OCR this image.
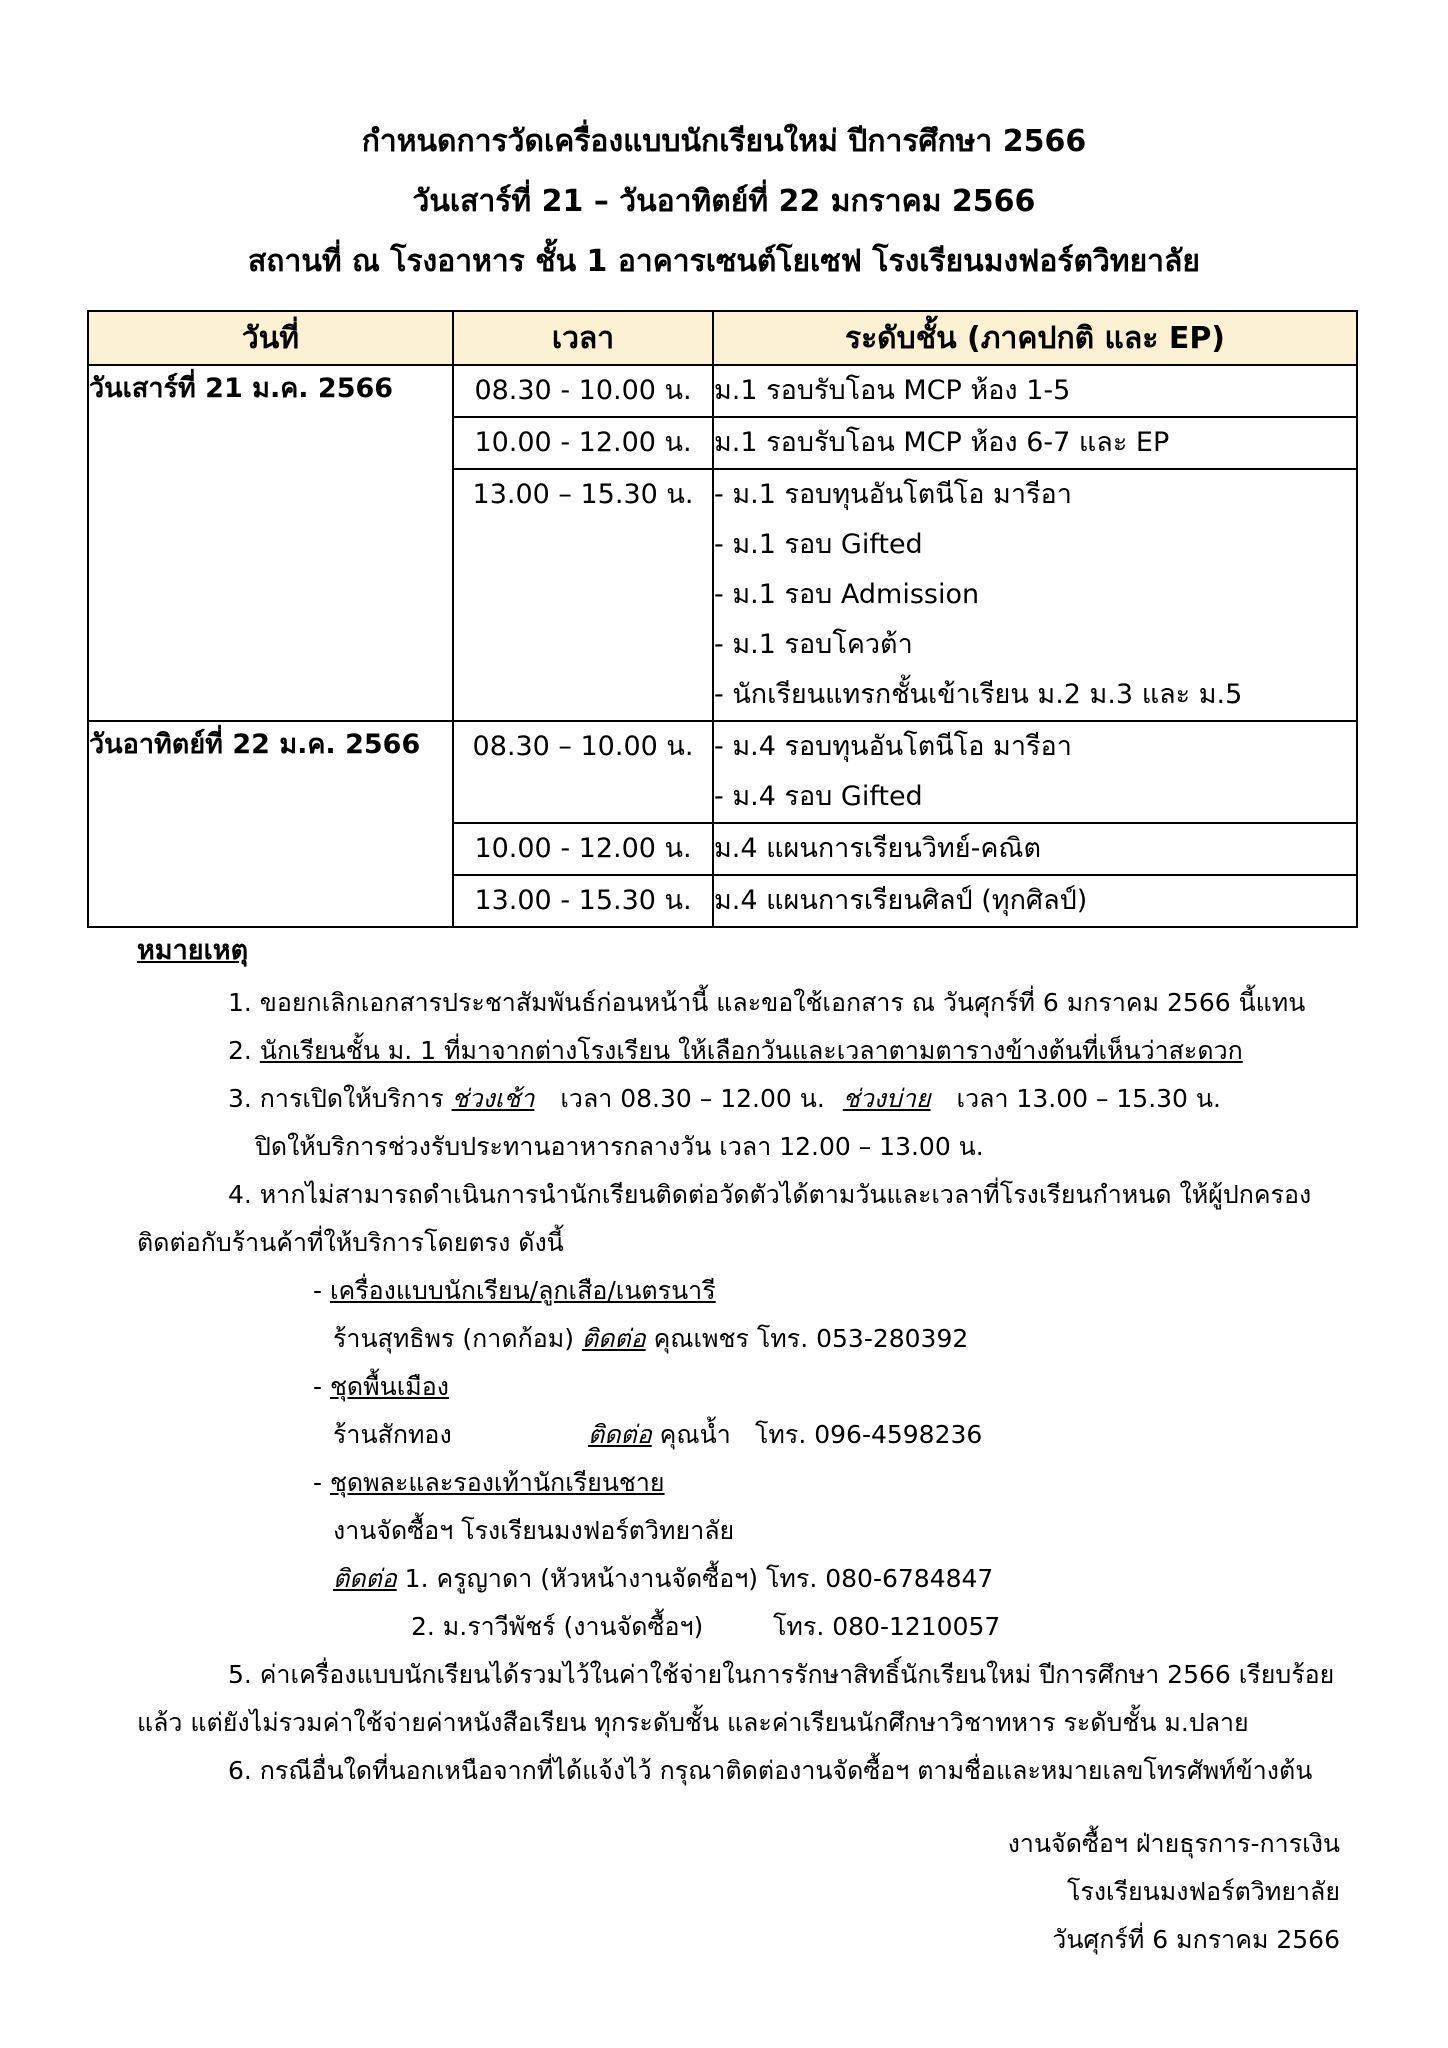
กำหนดการวัดเครื่องแบบนักเรียนใหม่ ปีการศึกษา 2566
วันเสาร์ที่ 21 – วันอาทิตย์ที่ 22 มกราคม 2566
สถานที่ ณ โรงอาหาร ชั้น 1 อาคารเซนต์โยเซฟ โรงเรียนมงฟอร์ตวิทยาลัย
วันที่	เวลา	ระดับชั้น (ภาคปกติ และ EP)
วันเสาร์ที่ 21 ม.ค. 2566	08.30 - 10.00 น.	ม.1 รอบรับโอน MCP ห้อง 1-5

	10.00 - 12.00 น.	ม.1 รอบรับโอน MCP ห้อง 6-7 และ EP

	13.00 – 15.30 น.	- ม.1 รอบทุนอันโตนีโอ มารีอา
- ม.1 รอบ Gifted
- ม.1 รอบ Admission
- ม.1 รอบโควต้า
- นักเรียนแทรกชั้นเข้าเรียน ม.2 ม.3 และ ม.5

วันอาทิตย์ที่ 22 ม.ค. 2566	08.30 – 10.00 น.	- ม.4 รอบทุนอันโตนีโอ มารีอา
- ม.4 รอบ Gifted

	10.00 - 12.00 น.	ม.4 แผนการเรียนวิทย์-คณิต

	13.00 - 15.30 น.	ม.4 แผนการเรียนศิลป์ (ทุกศิลป์)
หมายเหตุ
1. ขอยกเลิกเอกสารประชาสัมพันธ์ก่อนหน้านี้ และขอใช้เอกสาร ณ วันศุกร์ที่ 6 มกราคม 2566 นี้แทน
2. นักเรียนชั้น ม. 1 ที่มาจากต่างโรงเรียน ให้เลือกวันและเวลาตามตารางข้างต้นที่เห็นว่าสะดวก
3. การเปิดให้บริการ ช่วงเช้า เวลา 08.30 – 12.00 น. ช่วงบ่าย เวลา 13.00 – 15.30 น.
ปิดให้บริการช่วงรับประทานอาหารกลางวัน เวลา 12.00 – 13.00 น.
4. หากไม่สามารถดำเนินการนำนักเรียนติดต่อวัดตัวได้ตามวันและเวลาที่โรงเรียนกำหนด ให้ผู้ปกครอง
ติดต่อกับร้านค้าที่ให้บริการโดยตรง ดังนี้
- เครื่องแบบนักเรียน/ลูกเสือ/เนตรนารี
ร้านสุทธิพร (กาดก้อม) ติดต่อ คุณเพชร โทร. 053-280392
- ชุดพื้นเมือง
ร้านสักทอง	ติดต่อ คุณน้ำ โทร. 096-4598236
- ชุดพละและรองเท้านักเรียนชาย
งานจัดซื้อฯ โรงเรียนมงฟอร์ตวิทยาลัย
ติดต่อ 1. ครูญาดา (หัวหน้างานจัดซื้อฯ) โทร. 080-6784847
2. ม.ราวีพัชร์ (งานจัดซื้อฯ)	โทร. 080-1210057
5. ค่าเครื่องแบบนักเรียนได้รวมไว้ในค่าใช้จ่ายในการรักษาสิทธิ์นักเรียนใหม่ ปีการศึกษา 2566 เรียบร้อย
แล้ว แต่ยังไม่รวมค่าใช้จ่ายค่าหนังสือเรียน ทุกระดับชั้น และค่าเรียนนักศึกษาวิชาทหาร ระดับชั้น ม.ปลาย
6. กรณีอื่นใดที่นอกเหนือจากที่ได้แจ้งไว้ กรุณาติดต่องานจัดซื้อฯ ตามชื่อและหมายเลขโทรศัพท์ข้างต้น
งานจัดซื้อฯ ฝ่ายธุรการ-การเงิน
โรงเรียนมงฟอร์ตวิทยาลัย
วันศุกร์ที่ 6 มกราคม 2566
